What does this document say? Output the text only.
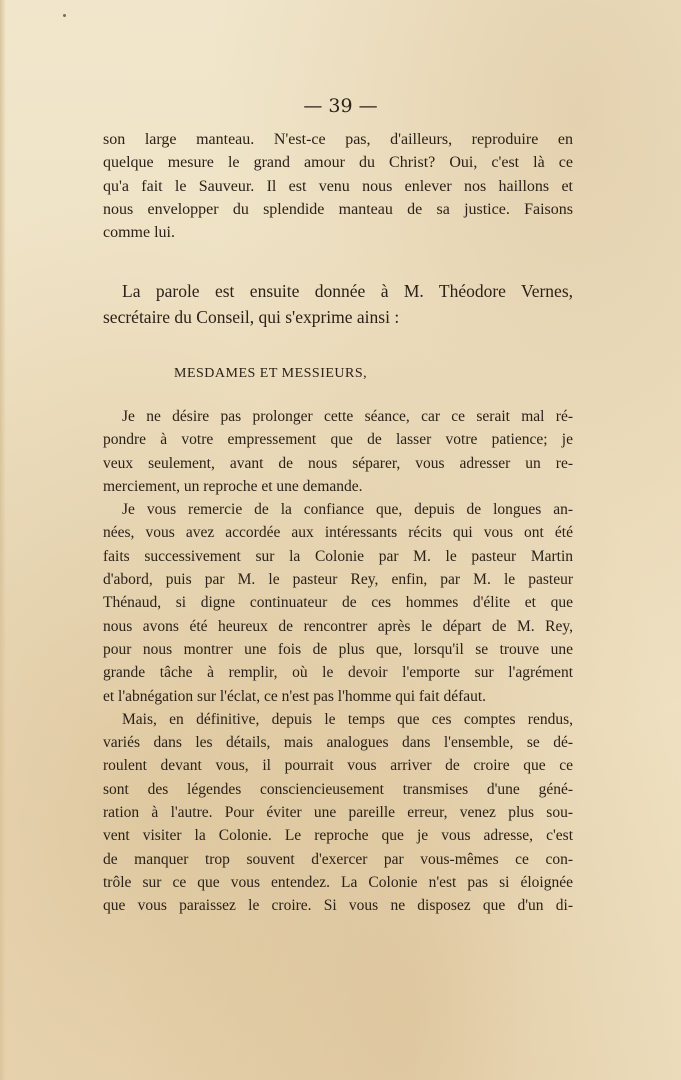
— 39 —
son large manteau. N'est-ce pas, d'ailleurs, reproduire en
quelque mesure le grand amour du Christ? Oui, c'est là ce
qu'a fait le Sauveur. Il est venu nous enlever nos haillons et
nous envelopper du splendide manteau de sa justice. Faisons
comme lui.
La parole est ensuite donnée à M. Théodore Vernes,
secrétaire du Conseil, qui s'exprime ainsi :
MESDAMES ET MESSIEURS,
Je ne désire pas prolonger cette séance, car ce serait mal ré-
pondre à votre empressement que de lasser votre patience; je
veux seulement, avant de nous séparer, vous adresser un re-
merciement, un reproche et une demande.
Je vous remercie de la confiance que, depuis de longues an-
nées, vous avez accordée aux intéressants récits qui vous ont été
faits successivement sur la Colonie par M. le pasteur Martin
d'abord, puis par M. le pasteur Rey, enfin, par M. le pasteur
Thénaud, si digne continuateur de ces hommes d'élite et que
nous avons été heureux de rencontrer après le départ de M. Rey,
pour nous montrer une fois de plus que, lorsqu'il se trouve une
grande tâche à remplir, où le devoir l'emporte sur l'agrément
et l'abnégation sur l'éclat, ce n'est pas l'homme qui fait défaut.
Mais, en définitive, depuis le temps que ces comptes rendus,
variés dans les détails, mais analogues dans l'ensemble, se dé-
roulent devant vous, il pourrait vous arriver de croire que ce
sont des légendes consciencieusement transmises d'une géné-
ration à l'autre. Pour éviter une pareille erreur, venez plus sou-
vent visiter la Colonie. Le reproche que je vous adresse, c'est
de manquer trop souvent d'exercer par vous-mêmes ce con-
trôle sur ce que vous entendez. La Colonie n'est pas si éloignée
que vous paraissez le croire. Si vous ne disposez que d'un di-
